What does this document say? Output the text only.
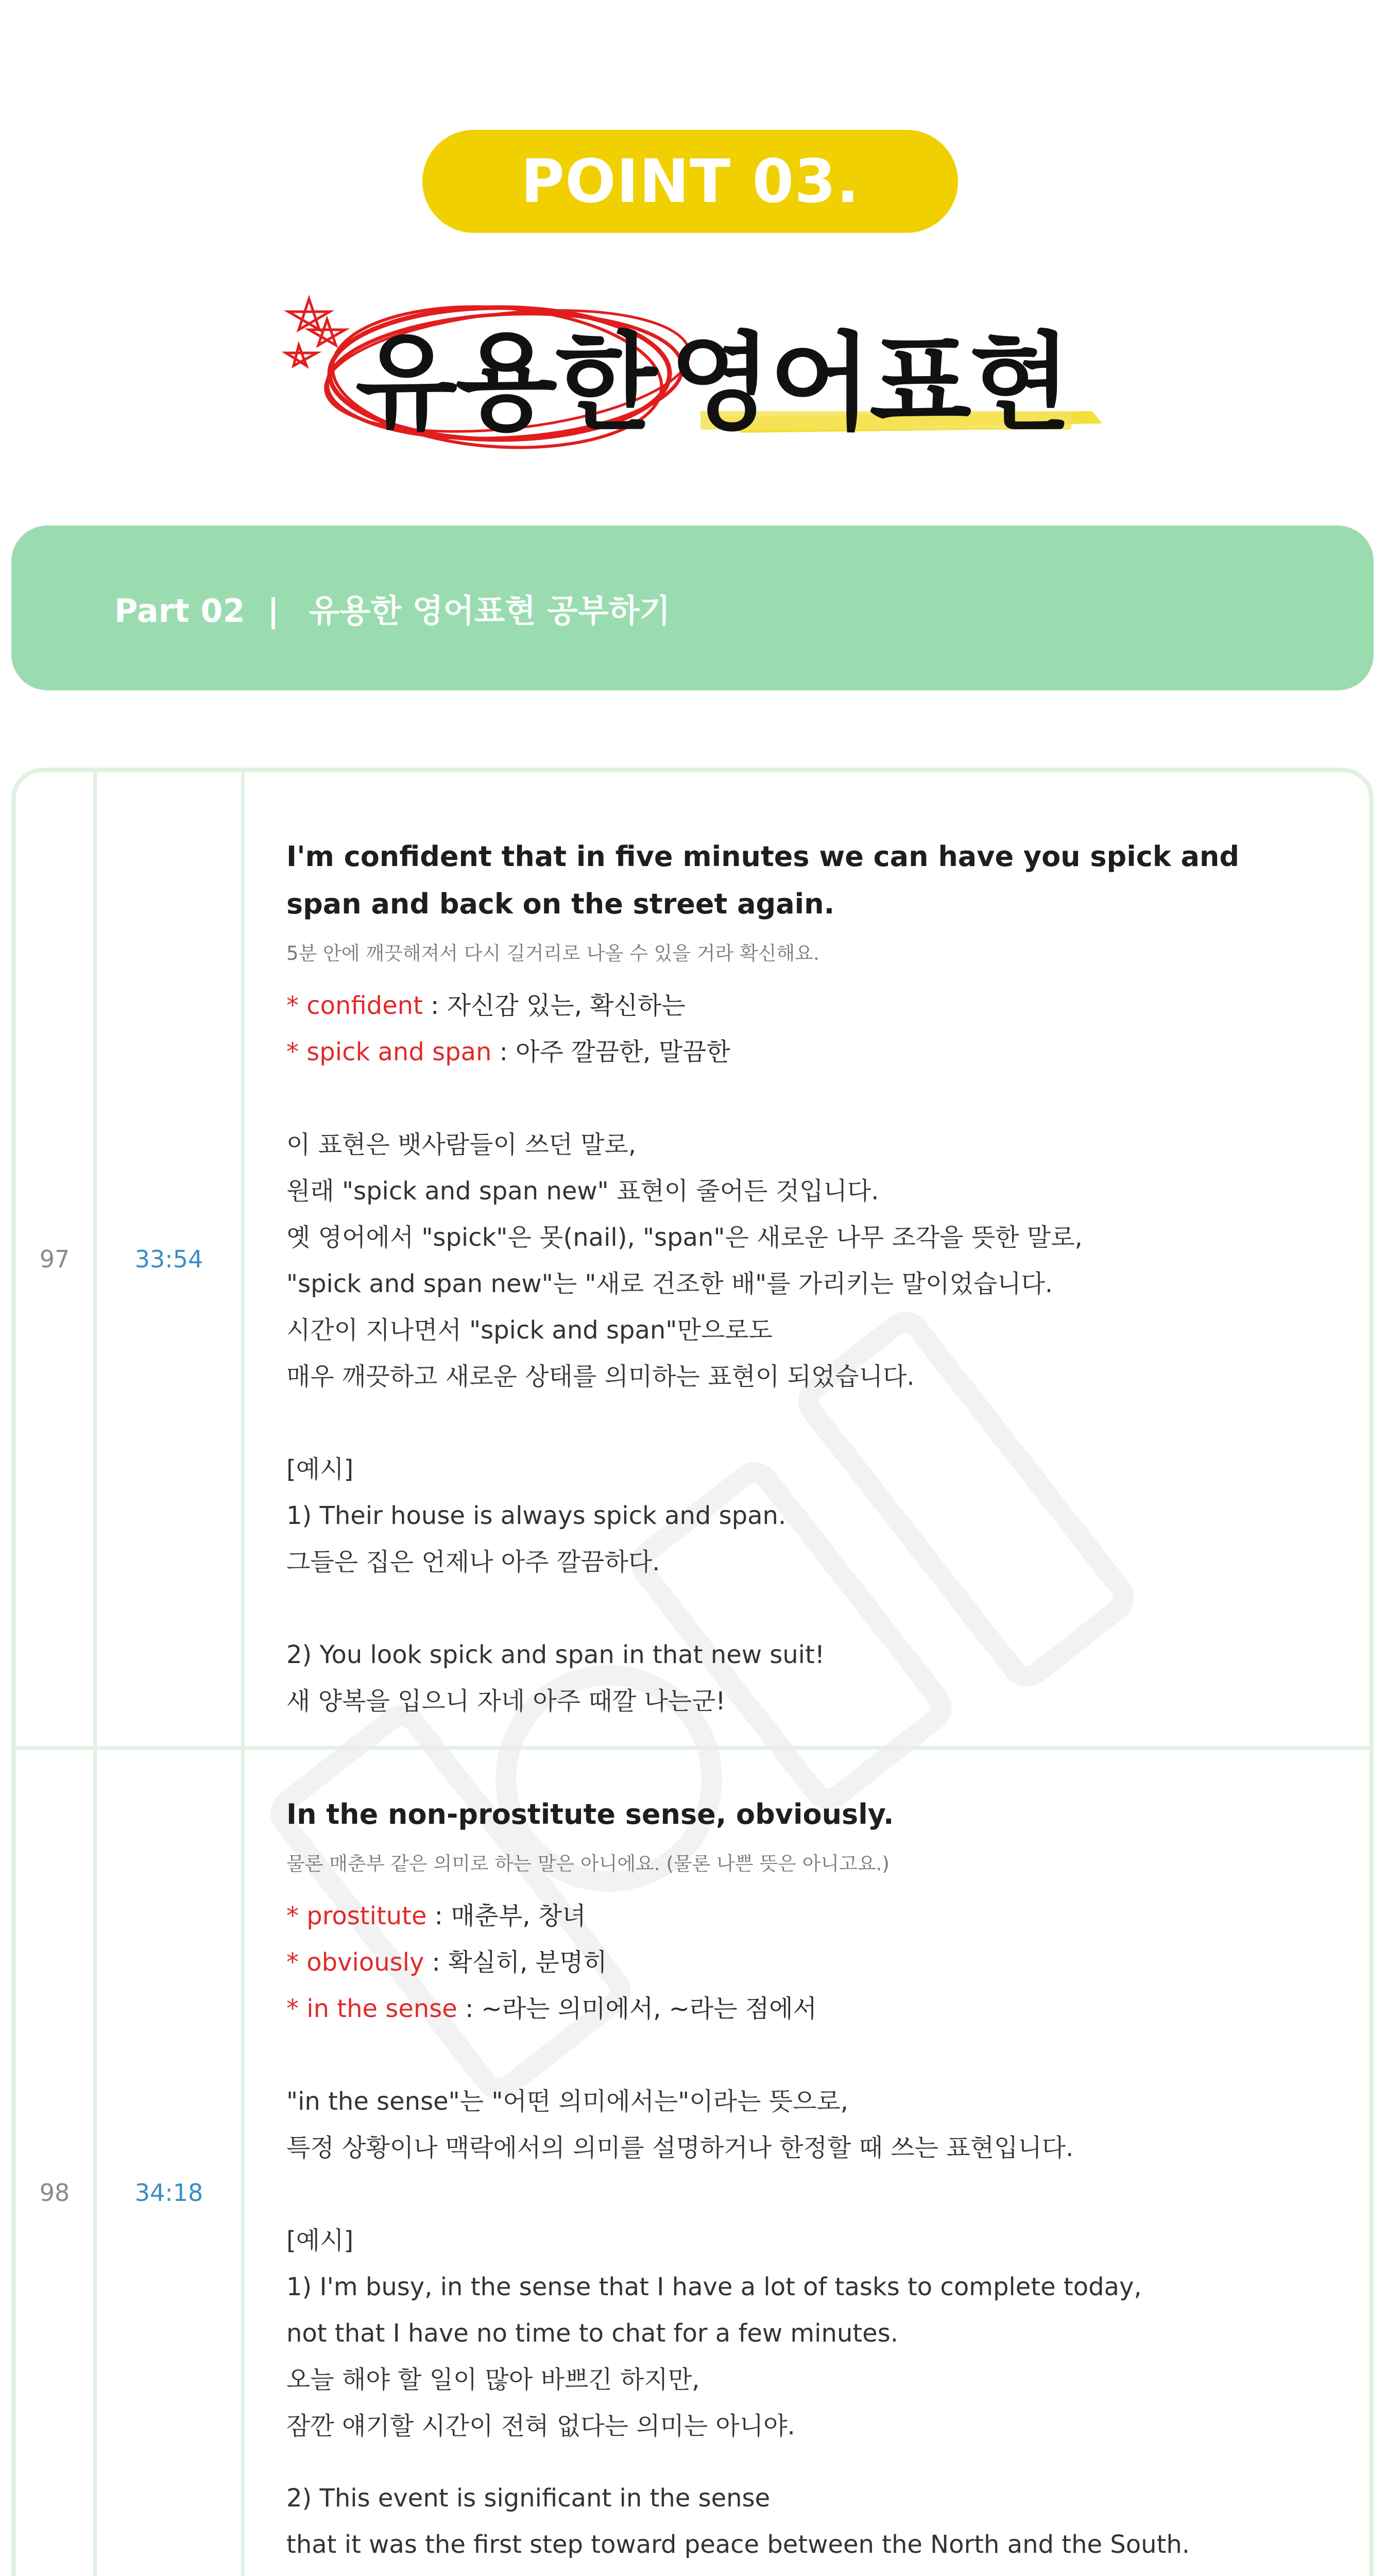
POINT 03.
유용한 영어표현
Part 02 | 유용한 영어표현 공부하기
97	33:54

I'm confident that in five minutes we can have you spick and

span and back on the street again.

5분 안에 깨끗해져서 다시 길거리로 나올 수 있을 거라 확신해요.

* confident : 자신감 있는, 확신하는

* spick and span : 아주 깔끔한, 말끔한

이 표현은 뱃사람들이 쓰던 말로,

원래 "spick and span new" 표현이 줄어든 것입니다.

옛 영어에서 "spick"은 못(nail), "span"은 새로운 나무 조각을 뜻한 말로,

"spick and span new"는 "새로 건조한 배"를 가리키는 말이었습니다.

시간이 지나면서 "spick and span"만으로도

매우 깨끗하고 새로운 상태를 의미하는 표현이 되었습니다.

[예시]

1) Their house is always spick and span.

그들은 집은 언제나 아주 깔끔하다.

2) You look spick and span in that new suit!

새 양복을 입으니 자네 아주 때깔 나는군!

98	34:18

In the non-prostitute sense, obviously.

물론 매춘부 같은 의미로 하는 말은 아니에요. (물론 나쁜 뜻은 아니고요.)

* prostitute : 매춘부, 창녀

* obviously : 확실히, 분명히

* in the sense : ~라는 의미에서, ~라는 점에서

"in the sense"는 "어떤 의미에서는"이라는 뜻으로,

특정 상황이나 맥락에서의 의미를 설명하거나 한정할 때 쓰는 표현입니다.

[예시]

1) I'm busy, in the sense that I have a lot of tasks to complete today,

not that I have no time to chat for a few minutes.

오늘 해야 할 일이 많아 바쁘긴 하지만,

잠깐 얘기할 시간이 전혀 없다는 의미는 아니야.

2) This event is significant in the sense

that it was the first step toward peace between the North and the South.
